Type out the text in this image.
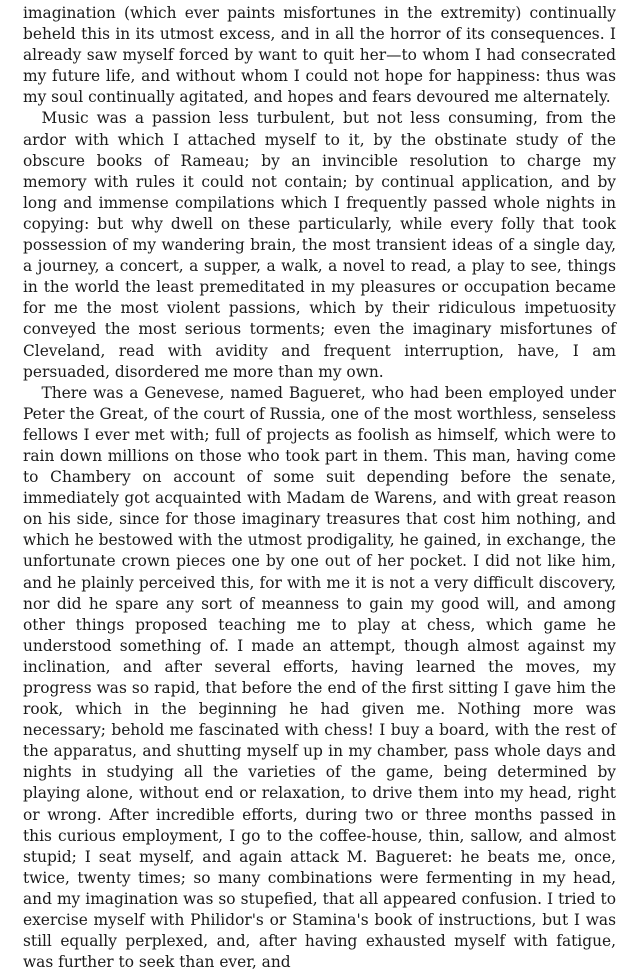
imagination (which ever paints misfortunes in the extremity) continually beheld this in its utmost excess, and in all the horror of its consequences. I already saw myself forced by want to quit her—to whom I had consecrated my future life, and without whom I could not hope for happiness: thus was my soul continually agitated, and hopes and fears devoured me alternately.

Music was a passion less turbulent, but not less consuming, from the ardor with which I attached myself to it, by the obstinate study of the obscure books of Rameau; by an invincible resolution to charge my memory with rules it could not contain; by continual application, and by long and immense compilations which I frequently passed whole nights in copying: but why dwell on these particularly, while every folly that took possession of my wandering brain, the most transient ideas of a single day, a journey, a concert, a supper, a walk, a novel to read, a play to see, things in the world the least premeditated in my pleasures or occupation became for me the most violent passions, which by their ridiculous impetuosity conveyed the most serious torments; even the imaginary misfortunes of Cleveland, read with avidity and frequent interruption, have, I am persuaded, disordered me more than my own.

There was a Genevese, named Bagueret, who had been employed under Peter the Great, of the court of Russia, one of the most worthless, senseless fellows I ever met with; full of projects as foolish as himself, which were to rain down millions on those who took part in them. This man, having come to Chambery on account of some suit depending before the senate, immediately got acquainted with Madam de Warens, and with great reason on his side, since for those imaginary treasures that cost him nothing, and which he bestowed with the utmost prodigality, he gained, in exchange, the unfortunate crown pieces one by one out of her pocket. I did not like him, and he plainly perceived this, for with me it is not a very difficult discovery, nor did he spare any sort of meanness to gain my good will, and among other things proposed teaching me to play at chess, which game he understood something of. I made an attempt, though almost against my inclination, and after several efforts, having learned the moves, my progress was so rapid, that before the end of the first sitting I gave him the rook, which in the beginning he had given me. Nothing more was necessary; behold me fascinated with chess! I buy a board, with the rest of the apparatus, and shutting myself up in my chamber, pass whole days and nights in studying all the varieties of the game, being determined by playing alone, without end or relaxation, to drive them into my head, right or wrong. After incredible efforts, during two or three months passed in this curious employment, I go to the coffee-house, thin, sallow, and almost stupid; I seat myself, and again attack M. Bagueret: he beats me, once, twice, twenty times; so many combinations were fermenting in my head, and my imagination was so stupefied, that all appeared confusion. I tried to exercise myself with Philidor's or Stamina's book of instructions, but I was still equally perplexed, and, after having exhausted myself with fatigue, was further to seek than ever, and
